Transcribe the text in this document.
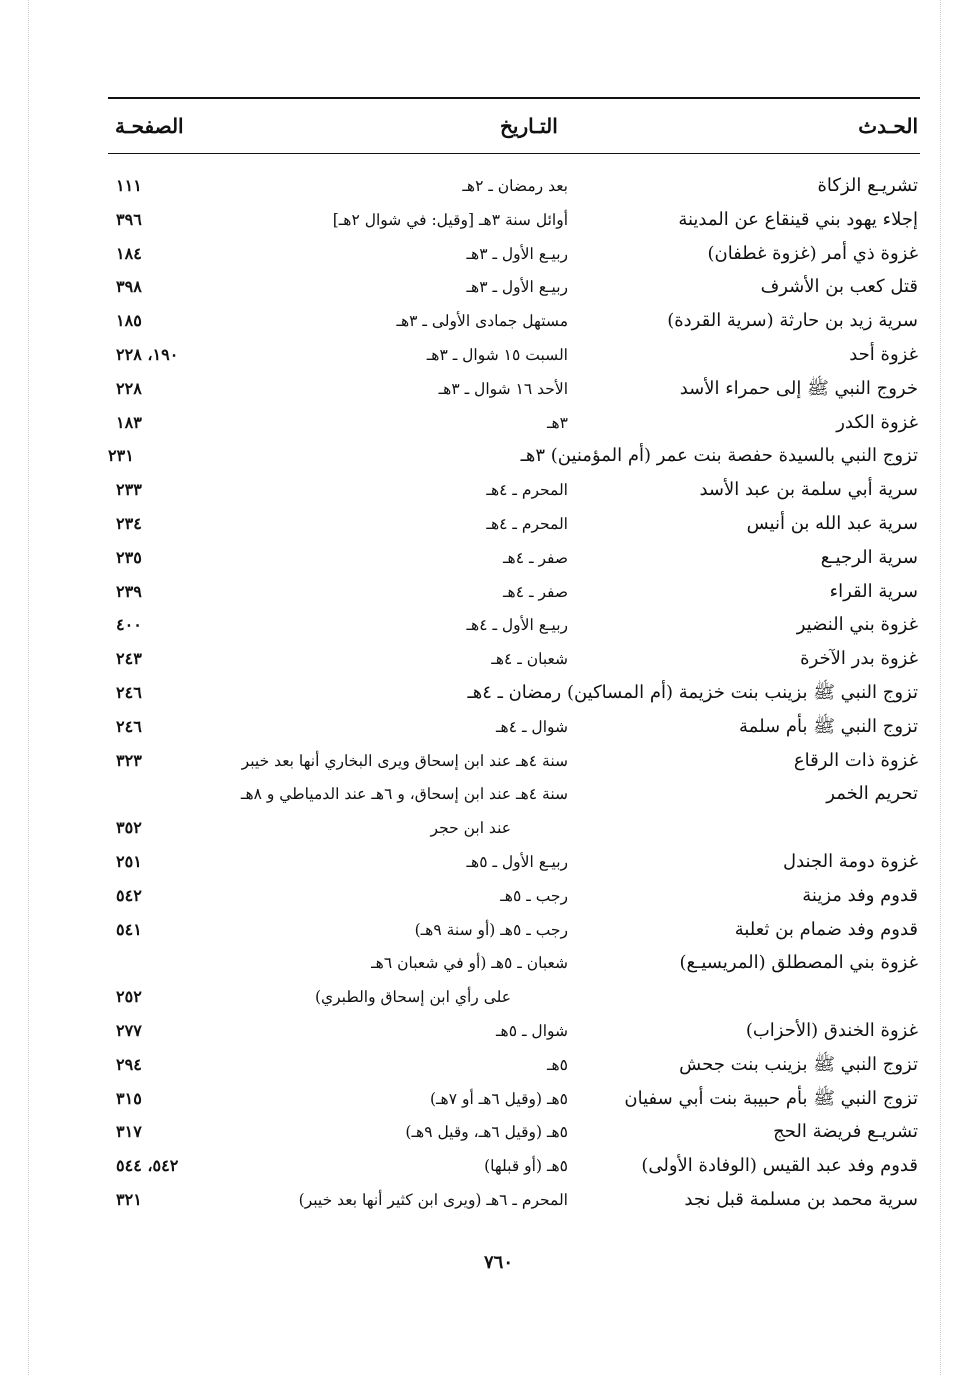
الحـدث
التـاريخ
الصفحـة
تشريـع الزكاة
بعد رمضان ـ ٢هـ
١١١
إجلاء يهود بني قينقاع عن المدينة
أوائل سنة ٣هـ [وقيل: في شوال ٢هـ]
٣٩٦
غزوة ذي أمر (غزوة غطفان)
ربيـع الأول ـ ٣هـ
١٨٤
قتل كعب بن الأشرف
ربيـع الأول ـ ٣هـ
٣٩٨
سرية زيد بن حارثة (سرية القردة)
مستهل جمادى الأولى ـ ٣هـ
١٨٥
غزوة أحد
السبت ١٥ شوال ـ ٣هـ
١٩٠، ٢٢٨
خروج النبي ﷺ إلى حمراء الأسد
الأحد ١٦ شوال ـ ٣هـ
٢٢٨
غزوة الكدر
٣هـ
١٨٣
تزوج النبي بالسيدة حفصة بنت عمر (أم المؤمنين) ٣هـ
٢٣١
سرية أبي سلمة بن عبد الأسد
المحرم ـ ٤هـ
٢٣٣
سرية عبد الله بن أنيس
المحرم ـ ٤هـ
٢٣٤
سرية الرجيـع
صفر ـ ٤هـ
٢٣٥
سرية القراء
صفر ـ ٤هـ
٢٣٩
غزوة بني النضير
ربيـع الأول ـ ٤هـ
٤٠٠
غزوة بدر الآخرة
شعبان ـ ٤هـ
٢٤٣
تزوج النبي ﷺ بزينب بنت خزيمة (أم المساكين) رمضان ـ ٤هـ
٢٤٦
تزوج النبي ﷺ بأم سلمة
شوال ـ ٤هـ
٢٤٦
غزوة ذات الرقاع
سنة ٤هـ عند ابن إسحاق ويرى البخاري أنها بعد خيبر
٣٢٣
تحريم الخمر
سنة ٤هـ عند ابن إسحاق، و ٦هـ عند الدمياطي و ٨هـ
عند ابن حجر
٣٥٢
غزوة دومة الجندل
ربيـع الأول ـ ٥هـ
٢٥١
قدوم وفد مزينة
رجب ـ ٥هـ
٥٤٢
قدوم وفد ضمام بن ثعلبة
رجب ـ ٥هـ (أو سنة ٩هـ)
٥٤١
غزوة بني المصطلق (المريسيـع)
شعبان ـ ٥هـ (أو في شعبان ٦هـ
على رأي ابن إسحاق والطبري)
٢٥٢
غزوة الخندق (الأحزاب)
شوال ـ ٥هـ
٢٧٧
تزوج النبي ﷺ بزينب بنت جحش
٥هـ
٢٩٤
تزوج النبي ﷺ بأم حبيبة بنت أبي سفيان
٥هـ (وقيل ٦هـ أو ٧هـ)
٣١٥
تشريـع فريضة الحج
٥هـ (وقيل ٦هـ، وقيل ٩هـ)
٣١٧
قدوم وفد عبد القيس (الوفادة الأولى)
٥هـ (أو قبلها)
٥٤٢، ٥٤٤
سرية محمد بن مسلمة قبل نجد
المحرم ـ ٦هـ (ويرى ابن كثير أنها بعد خيبر)
٣٢١
٧٦٠
